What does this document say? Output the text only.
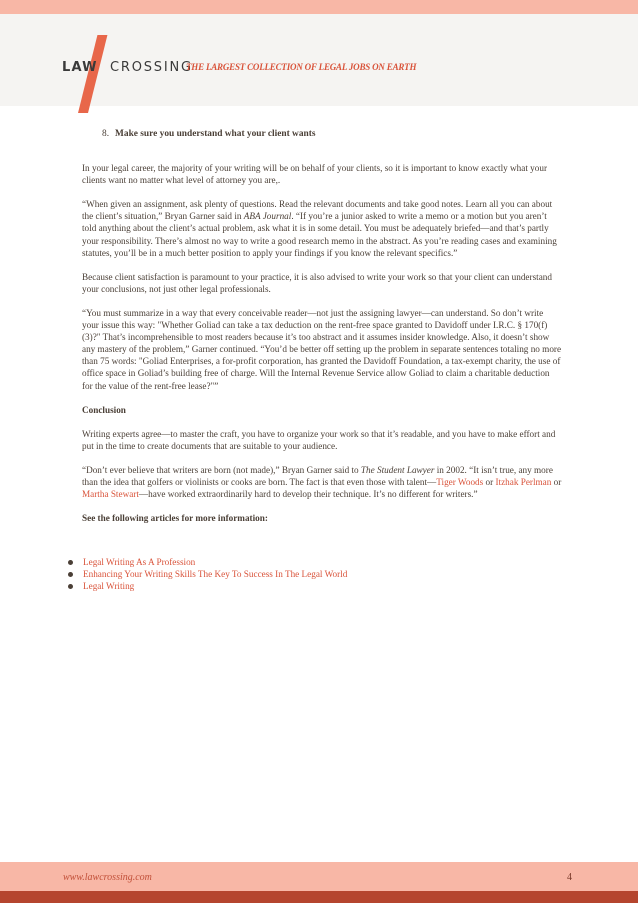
LAW CROSSING
THE LARGEST COLLECTION OF LEGAL JOBS ON EARTH
8. Make sure you understand what your client wants

In your legal career, the majority of your writing will be on behalf of your clients, so it is important to know exactly what your clients want no matter what level of attorney you are,.

“When given an assignment, ask plenty of questions. Read the relevant documents and take good notes. Learn all you can about the client’s situation,” Bryan Garner said in ABA Journal. “If you’re a junior asked to write a memo or a motion but you aren’t told anything about the client’s actual problem, ask what it is in some detail. You must be adequately briefed—and that’s partly your responsibility. There’s almost no way to write a good research memo in the abstract. As you’re reading cases and examining statutes, you’ll be in a much better position to apply your findings if you know the relevant specifics.”

Because client satisfaction is paramount to your practice, it is also advised to write your work so that your client can understand your conclusions, not just other legal professionals.

“You must summarize in a way that every conceivable reader—not just the assigning lawyer—can understand. So don’t write your issue this way: "Whether Goliad can take a tax deduction on the rent-free space granted to Davidoff under I.R.C. § 170(f)(3)?" That’s incomprehensible to most readers because it’s too abstract and it assumes insider knowledge. Also, it doesn’t show any mastery of the problem,” Garner continued. “You’d be better off setting up the problem in separate sentences totaling no more than 75 words: "Goliad Enterprises, a for-profit corporation, has granted the Davidoff Foundation, a tax-exempt charity, the use of office space in Goliad’s building free of charge. Will the Internal Revenue Service allow Goliad to claim a charitable deduction for the value of the rent-free lease?"”

Conclusion

Writing experts agree—to master the craft, you have to organize your work so that it’s readable, and you have to make effort and put in the time to create documents that are suitable to your audience.

“Don’t ever believe that writers are born (not made),” Bryan Garner said to The Student Lawyer in 2002. “It isn’t true, any more than the idea that golfers or violinists or cooks are born. The fact is that even those with talent—Tiger Woods or Itzhak Perlman or Martha Stewart—have worked extraordinarily hard to develop their technique. It’s no different for writers.”

See the following articles for more information:

Legal Writing As A Profession
Enhancing Your Writing Skills The Key To Success In The Legal World
Legal Writing
www.lawcrossing.com	4
